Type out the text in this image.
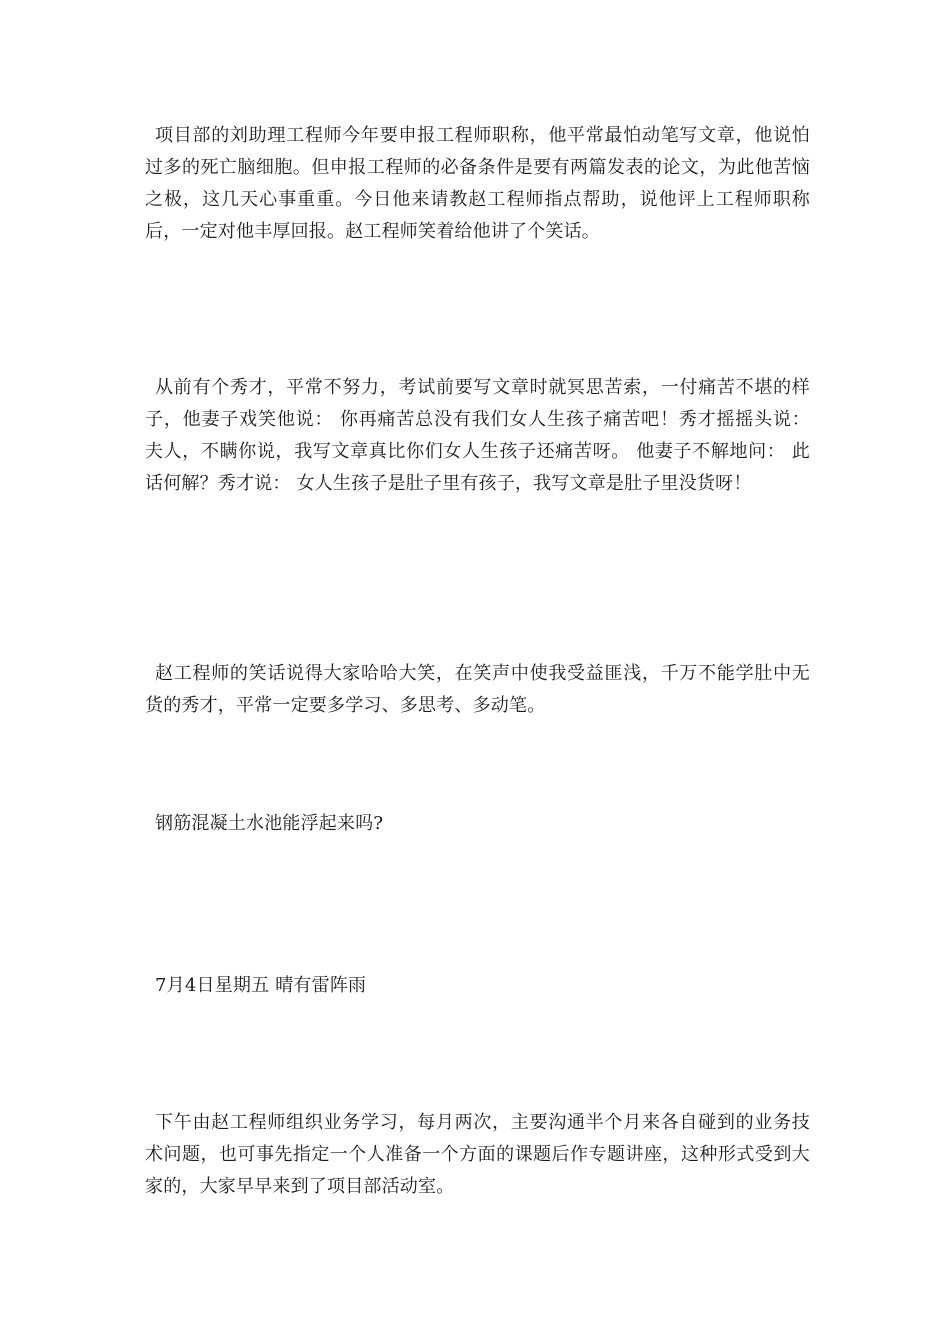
项目部的刘助理工程师今年要申报工程师职称，他平常最怕动笔写文章，他说怕过多的死亡脑细胞。但申报工程师的必备条件是要有两篇发表的论文，为此他苦恼之极，这几天心事重重。今日他来请教赵工程师指点帮助，说他评上工程师职称后，一定对他丰厚回报。赵工程师笑着给他讲了个笑话。

从前有个秀才，平常不努力，考试前要写文章时就冥思苦索，一付痛苦不堪的样子，他妻子戏笑他说： 你再痛苦总没有我们女人生孩子痛苦吧！秀才摇摇头说： 夫人，不瞒你说，我写文章真比你们女人生孩子还痛苦呀。 他妻子不解地问： 此话何解？秀才说： 女人生孩子是肚子里有孩子，我写文章是肚子里没货呀！

赵工程师的笑话说得大家哈哈大笑，在笑声中使我受益匪浅，千万不能学肚中无货的秀才，平常一定要多学习、多思考、多动笔。

钢筋混凝土水池能浮起来吗?

7月4日星期五 晴有雷阵雨

下午由赵工程师组织业务学习，每月两次，主要沟通半个月来各自碰到的业务技术问题，也可事先指定一个人准备一个方面的课题后作专题讲座，这种形式受到大家的，大家早早来到了项目部活动室。
